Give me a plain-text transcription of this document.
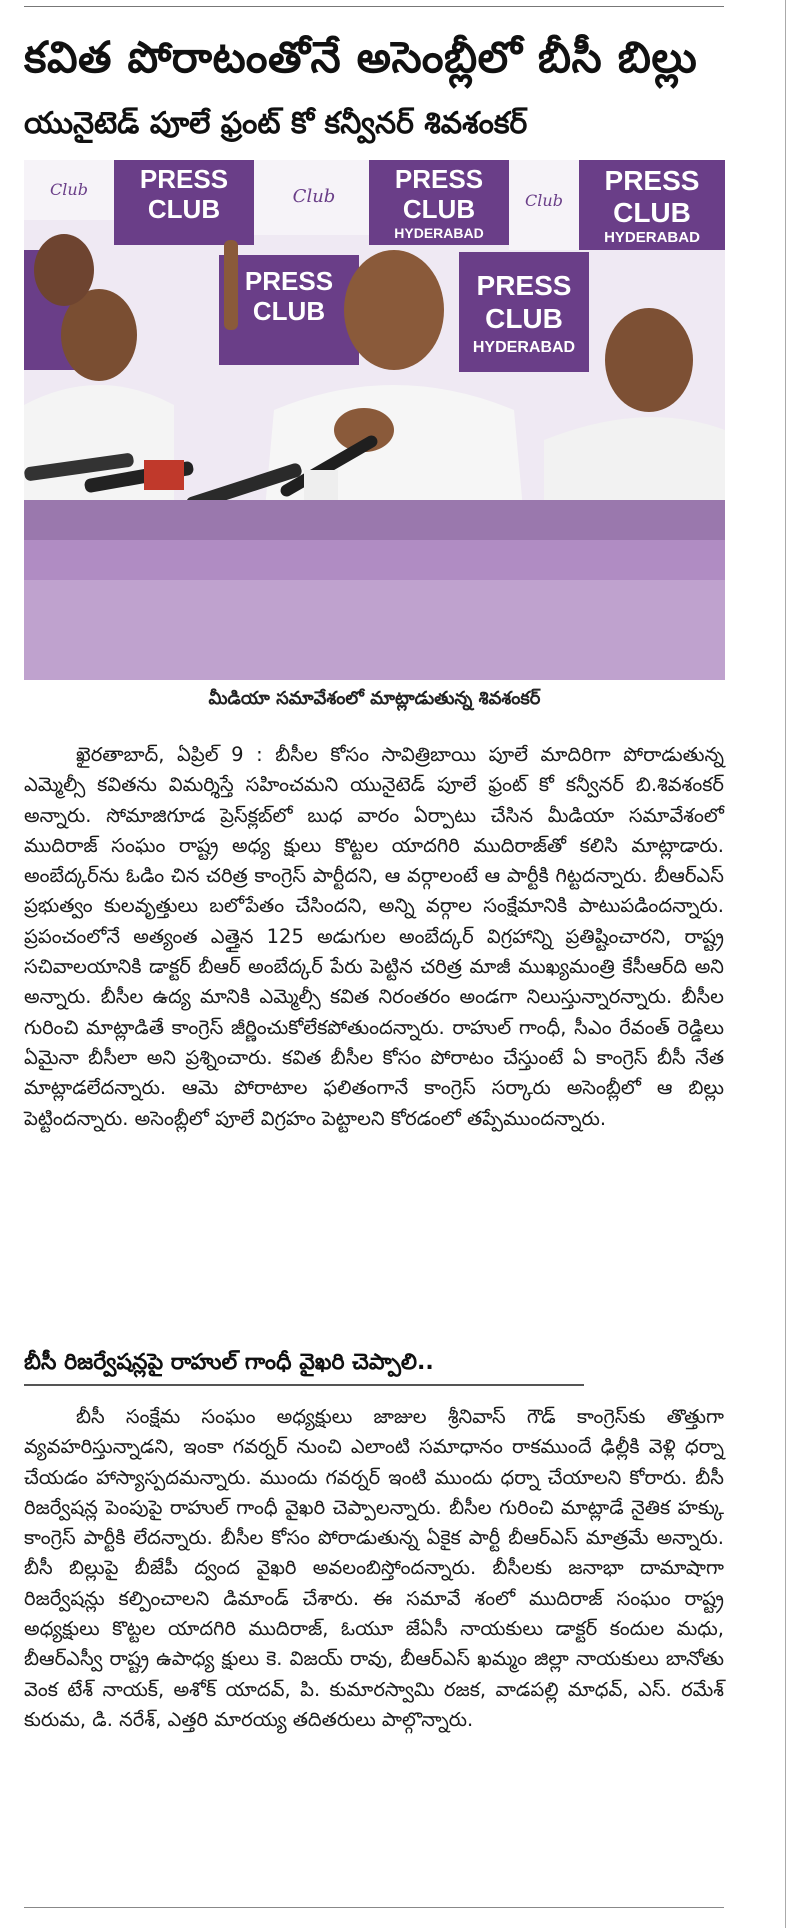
కవిత పోరాటంతోనే అసెంబ్లీలో బీసీ బిల్లు
యునైటెడ్ పూలే ఫ్రంట్ కో కన్వీనర్ శివశంకర్
PRESS
CLUB
PRESS
CLUB
HYDERABAD
PRESS
CLUB
HYDERABAD
Club	Club	Club
PRESS
CLUB
PRESS
CLUB
HYDERABAD
మీడియా సమావేశంలో మాట్లాడుతున్న శివశంకర్

ఖైరతాబాద్, ఏప్రిల్ 9 : బీసీల కోసం సావిత్రిబాయి పూలే మాదిరిగా పోరాడుతున్న ఎమ్మెల్సీ కవితను విమర్శిస్తే సహించమని యునైటెడ్ పూలే ఫ్రంట్ కో కన్వీనర్ బి.శివశంకర్ అన్నారు. సోమాజిగూడ ప్రెస్‌క్లబ్‌లో బుధ వారం ఏర్పాటు చేసిన మీడియా సమావేశంలో ముదిరాజ్ సంఘం రాష్ట్ర అధ్య క్షులు కొట్టల యాదగిరి ముదిరాజ్‌తో కలిసి మాట్లాడారు. అంబేద్కర్‌ను ఓడిం చిన చరిత్ర కాంగ్రెస్ పార్టీదని, ఆ వర్గాలంటే ఆ పార్టీకి గిట్టదన్నారు. బీఆర్ఎస్ ప్రభుత్వం కులవృత్తులు బలోపేతం చేసిందని, అన్ని వర్గాల సంక్షేమానికి పాటుపడిందన్నారు. ప్రపంచంలోనే అత్యంత ఎత్తైన 125 అడుగుల అంబేద్కర్ విగ్రహాన్ని ప్రతిష్టించారని, రాష్ట్ర సచివాలయానికి డాక్టర్ బీఆర్ అంబేద్కర్ పేరు పెట్టిన చరిత్ర మాజీ ముఖ్యమంత్రి కేసీఆర్‌ది అని అన్నారు. బీసీల ఉద్య మానికి ఎమ్మెల్సీ కవిత నిరంతరం అండగా నిలుస్తున్నారన్నారు. బీసీల గురించి మాట్లాడితే కాంగ్రెస్ జీర్ణించుకోలేకపోతుందన్నారు. రాహుల్ గాంధీ, సీఎం రేవంత్ రెడ్డిలు ఏమైనా బీసీలా అని ప్రశ్నించారు. కవిత బీసీల కోసం పోరాటం చేస్తుంటే ఏ కాంగ్రెస్ బీసీ నేత మాట్లాడలేదన్నారు. ఆమె పోరాటాల ఫలితంగానే కాంగ్రెస్ సర్కారు అసెంబ్లీలో ఆ బిల్లు పెట్టిందన్నారు. అసెంబ్లీలో పూలే విగ్రహం పెట్టాలని కోరడంలో తప్పేముందన్నారు.

బీసీ రిజర్వేషన్లపై రాహుల్ గాంధీ వైఖరి చెప్పాలి..

బీసీ సంక్షేమ సంఘం అధ్యక్షులు జాజుల శ్రీనివాస్ గౌడ్ కాంగ్రెస్‌కు తొత్తుగా వ్యవహరిస్తున్నాడని, ఇంకా గవర్నర్ నుంచి ఎలాంటి సమాధానం రాకముందే ఢిల్లీకి వెళ్లి ధర్నా చేయడం హాస్యాస్పదమన్నారు. ముందు గవర్నర్ ఇంటి ముందు ధర్నా చేయాలని కోరారు. బీసీ రిజర్వేషన్ల పెంపుపై రాహుల్ గాంధీ వైఖరి చెప్పాలన్నారు. బీసీల గురించి మాట్లాడే నైతిక హక్కు కాంగ్రెస్ పార్టీకి లేదన్నారు. బీసీల కోసం పోరాడుతున్న ఏకైక పార్టీ బీఆర్ఎస్ మాత్రమే అన్నారు. బీసీ బిల్లుపై బీజేపీ ద్వంద వైఖరి అవలంబిస్తోందన్నారు. బీసీలకు జనాభా దామాషాగా రిజర్వేషన్లు కల్పించాలని డిమాండ్ చేశారు. ఈ సమావే శంలో ముదిరాజ్ సంఘం రాష్ట్ర అధ్యక్షులు కొట్టల యాదగిరి ముదిరాజ్, ఓయూ జేఏసీ నాయకులు డాక్టర్ కందుల మధు, బీఆర్ఎస్వీ రాష్ట్ర ఉపాధ్య క్షులు కె. విజయ్ రావు, బీఆర్ఎస్ ఖమ్మం జిల్లా నాయకులు బానోతు వెంక టేశ్ నాయక్, అశోక్ యాదవ్, పి. కుమారస్వామి రజక, వాడపల్లి మాధవ్, ఎస్. రమేశ్ కురుమ, డి. నరేశ్, ఎత్తరి మారయ్య తదితరులు పాల్గొన్నారు.
